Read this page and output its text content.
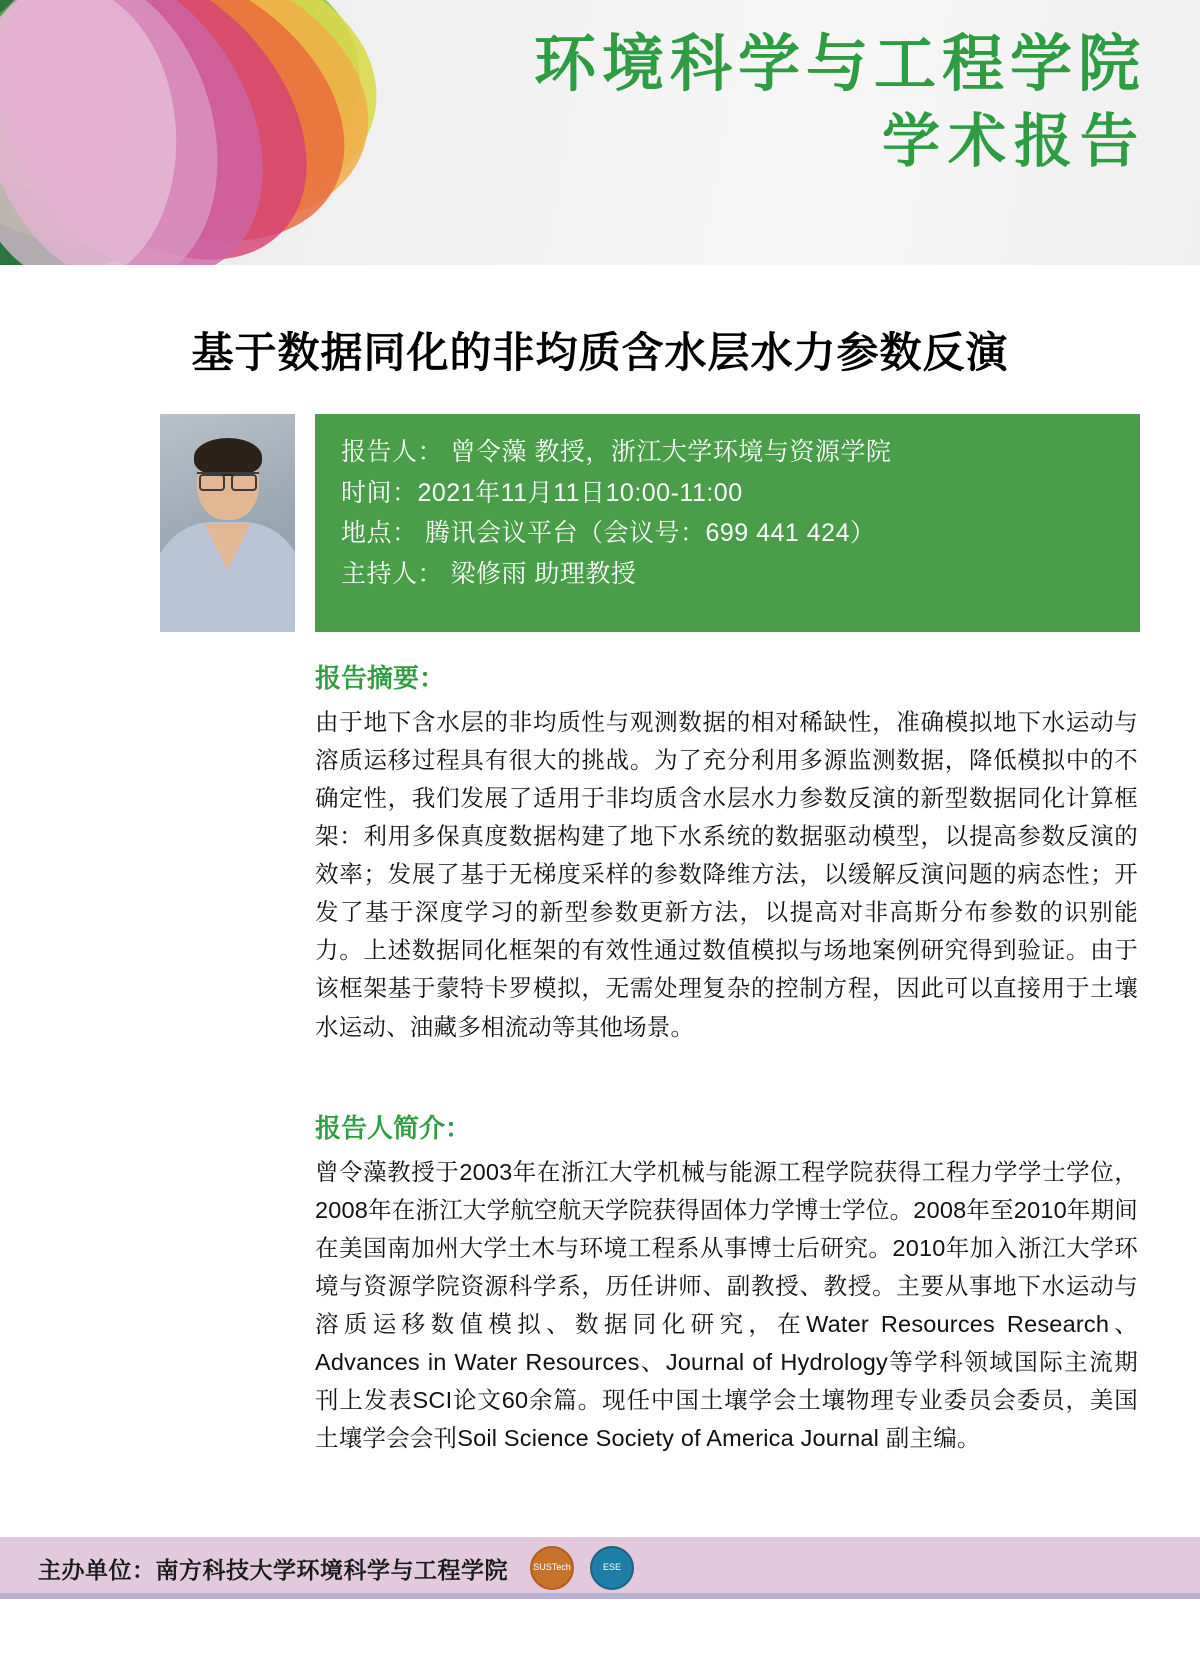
环境科学与工程学院
学术报告
基于数据同化的非均质含水层水力参数反演
报告人： 曾令藻 教授，浙江大学环境与资源学院
时间：2021年11月11日10:00-11:00
地点： 腾讯会议平台（会议号：699 441 424）
主持人： 梁修雨 助理教授
报告摘要：
由于地下含水层的非均质性与观测数据的相对稀缺性，准确模拟地下水运动与溶质运移过程具有很大的挑战。为了充分利用多源监测数据，降低模拟中的不确定性，我们发展了适用于非均质含水层水力参数反演的新型数据同化计算框架：利用多保真度数据构建了地下水系统的数据驱动模型，以提高参数反演的效率；发展了基于无梯度采样的参数降维方法，以缓解反演问题的病态性；开发了基于深度学习的新型参数更新方法，以提高对非高斯分布参数的识别能力。上述数据同化框架的有效性通过数值模拟与场地案例研究得到验证。由于该框架基于蒙特卡罗模拟，无需处理复杂的控制方程，因此可以直接用于土壤水运动、油藏多相流动等其他场景。
报告人简介：
曾令藻教授于2003年在浙江大学机械与能源工程学院获得工程力学学士学位，2008年在浙江大学航空航天学院获得固体力学博士学位。2008年至2010年期间在美国南加州大学土木与环境工程系从事博士后研究。2010年加入浙江大学环境与资源学院资源科学系，历任讲师、副教授、教授。主要从事地下水运动与溶质运移数值模拟、数据同化研究，在Water Resources Research、Advances in Water Resources、Journal of Hydrology等学科领域国际主流期刊上发表SCI论文60余篇。现任中国土壤学会土壤物理专业委员会委员，美国土壤学会会刊Soil Science Society of America Journal 副主编。
主办单位：南方科技大学环境科学与工程学院	SUSTech	ESE
